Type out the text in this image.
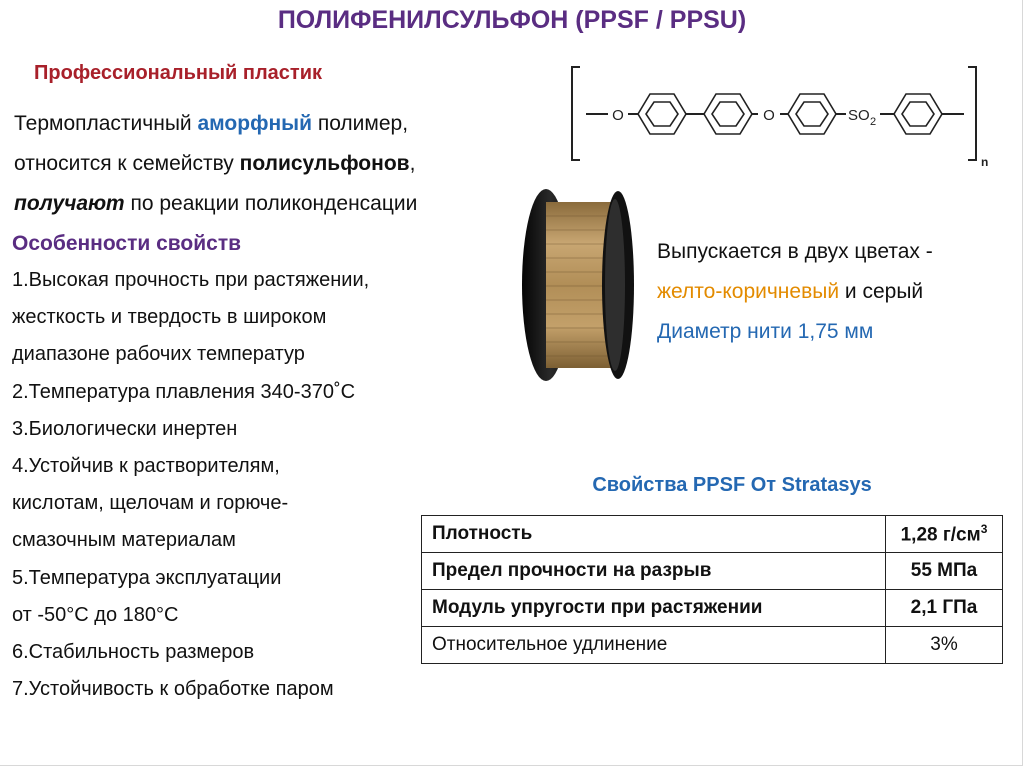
ПОЛИФЕНИЛСУЛЬФОН (PPSF / PPSU)
Профессиональный пластик

Термопластичный аморфный полимер,

относится к семейству полисульфонов,

получают по реакции поликонденсации

O	O	SO 2
n

Выпускается в двух цветах -

желто-коричневый и серый

Диаметр нити 1,75 мм

Особенности свойств
1.Высокая прочность при растяжении,
жесткость и твердость в широком
диапазоне рабочих температур
2.Температура плавления 340-370˚С
3.Биологически инертен
4.Устойчив к растворителям,
кислотам, щелочам и горюче-
смазочным материалам
5.Температура эксплуатации
от -50°С до 180°С
6.Стабильность размеров
7.Устойчивость к обработке паром
Свойства PPSF От Stratasys
Плотность	1,28 $г/см^3$
Предел прочности на разрыв	55 МПа
Модуль упругости при растяжении	2,1 ГПа
Относительное удлинение	3%
